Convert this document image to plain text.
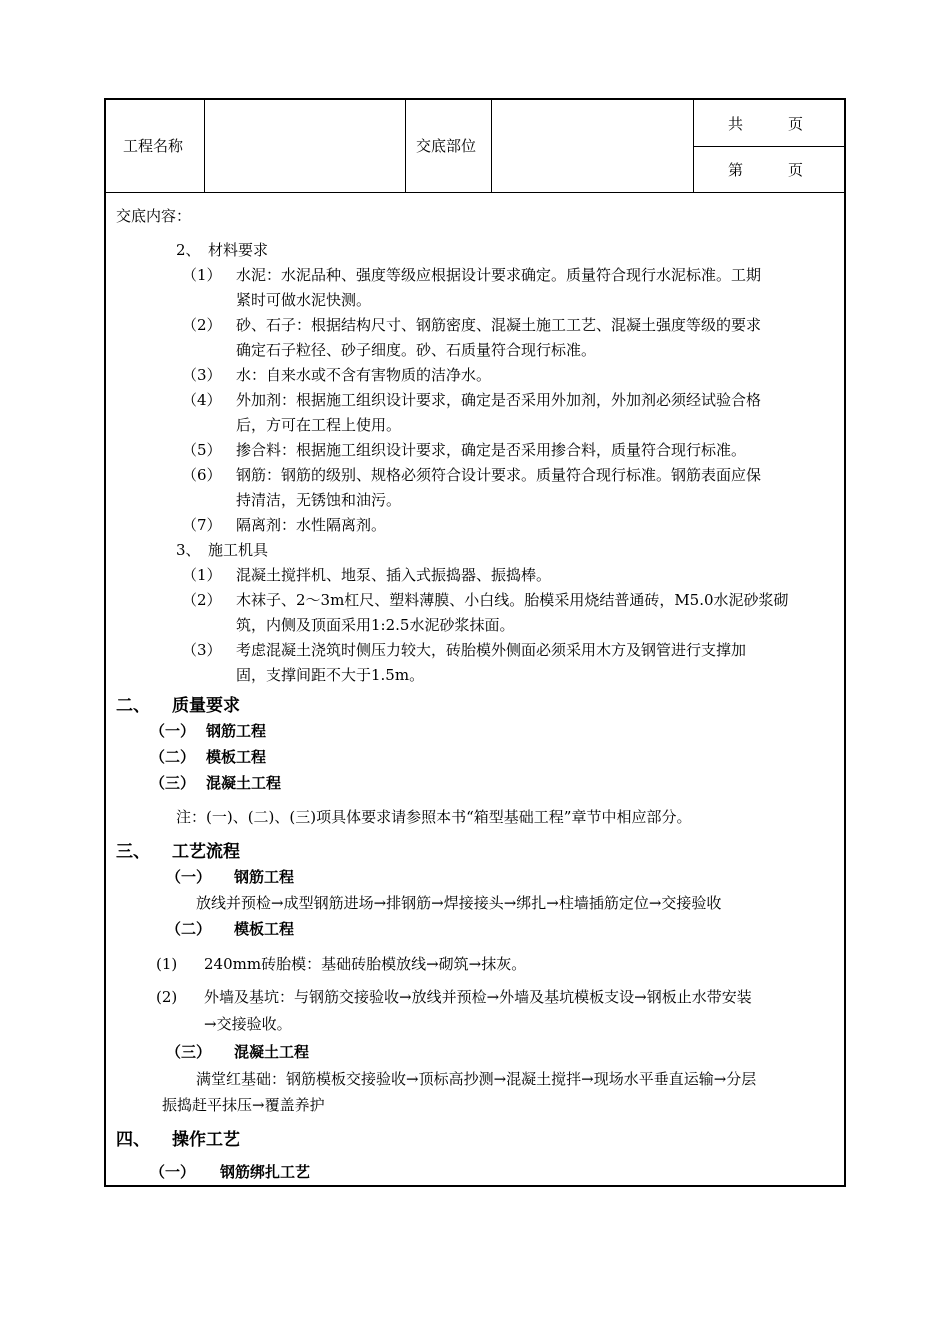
工程名称	交底部位
共　　　页
第　　　页
交底内容：
2、　材料要求
（1） 水泥：水泥品种、强度等级应根据设计要求确定。质量符合现行水泥标准。工期
紧时可做水泥快测。
（2） 砂、石子：根据结构尺寸、钢筋密度、混凝土施工工艺、混凝土强度等级的要求
确定石子粒径、砂子细度。砂、石质量符合现行标准。
（3） 水：自来水或不含有害物质的洁净水。
（4） 外加剂：根据施工组织设计要求，确定是否采用外加剂，外加剂必须经试验合格
后，方可在工程上使用。
（5） 掺合料：根据施工组织设计要求，确定是否采用掺合料，质量符合现行标准。
（6） 钢筋：钢筋的级别、规格必须符合设计要求。质量符合现行标准。钢筋表面应保
持清洁，无锈蚀和油污。
（7） 隔离剂：水性隔离剂。
3、　施工机具
（1） 混凝土搅拌机、地泵、插入式振捣器、振捣棒。
（2） 木袜子、2～3m杠尺、塑料薄膜、小白线。胎模采用烧结普通砖，M5.0水泥砂浆砌
筑，内侧及顶面采用1:2.5水泥砂浆抹面。
（3） 考虑混凝土浇筑时侧压力较大，砖胎模外侧面必须采用木方及钢管进行支撑加
固，支撑间距不大于1.5m。
二、 质量要求
（一） 钢筋工程
（二） 模板工程
（三） 混凝土工程
注：(一)、(二)、(三)项具体要求请参照本书“箱型基础工程”章节中相应部分。
三、 工艺流程
（一） 钢筋工程
放线并预检→成型钢筋进场→排钢筋→焊接接头→绑扎→柱墙插筋定位→交接验收
（二） 模板工程
(1) 240mm砖胎模：基础砖胎模放线→砌筑→抹灰。
(2) 外墙及基坑：与钢筋交接验收→放线并预检→外墙及基坑模板支设→钢板止水带安装
→交接验收。
（三） 混凝土工程
满堂红基础：钢筋模板交接验收→顶标高抄测→混凝土搅拌→现场水平垂直运输→分层
振捣赶平抹压→覆盖养护
四、 操作工艺
（一） 钢筋绑扎工艺
